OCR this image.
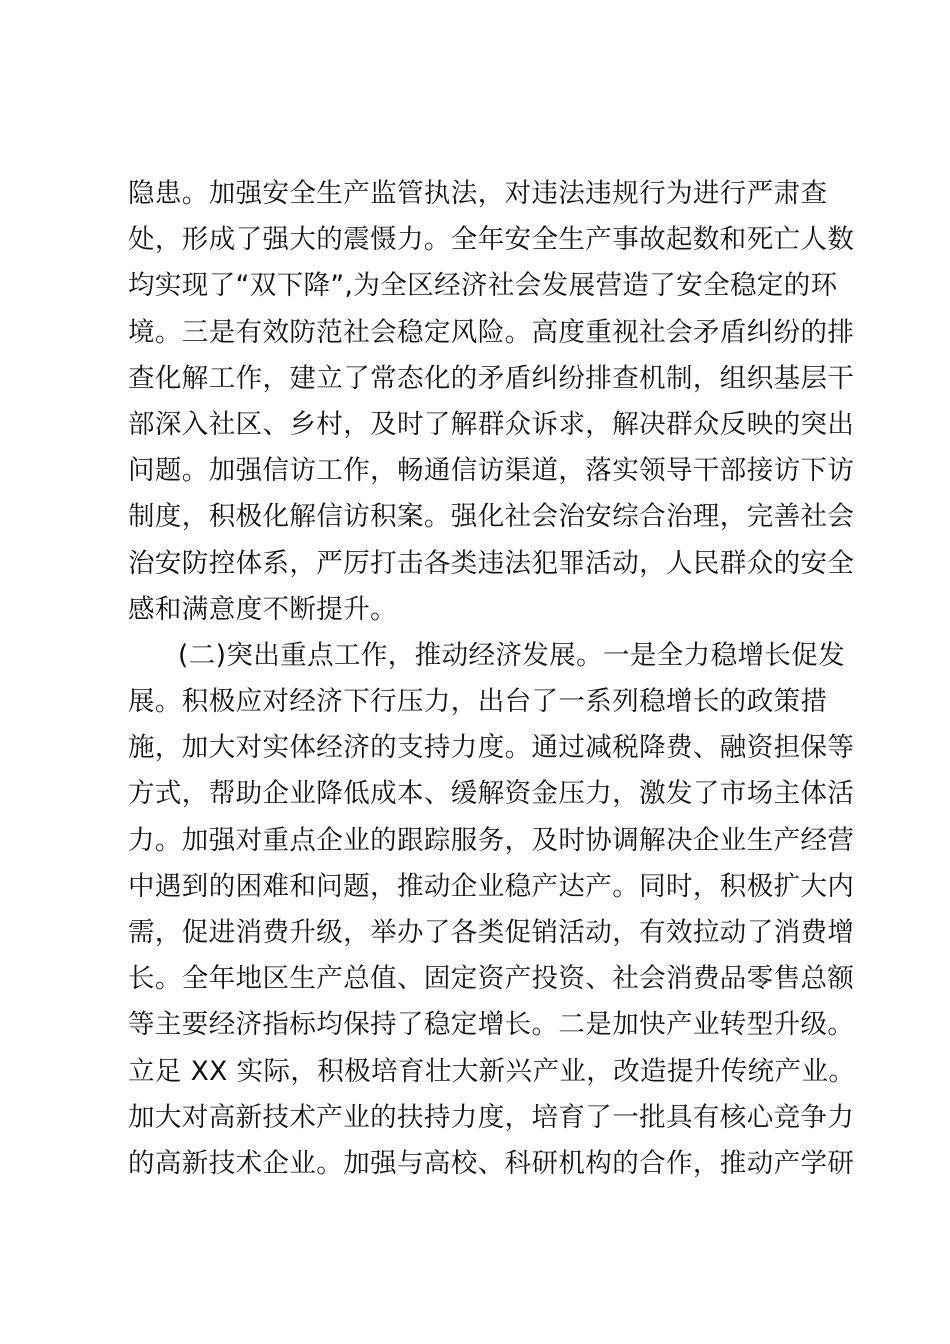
隐患。加强安全生产监管执法，对违法违规行为进行严肃查
处，形成了强大的震慑力。全年安全生产事故起数和死亡人数
均实现了“双下降”,为全区经济社会发展营造了安全稳定的环
境。三是有效防范社会稳定风险。高度重视社会矛盾纠纷的排
查化解工作，建立了常态化的矛盾纠纷排查机制，组织基层干
部深入社区、乡村，及时了解群众诉求，解决群众反映的突出
问题。加强信访工作，畅通信访渠道，落实领导干部接访下访
制度，积极化解信访积案。强化社会治安综合治理，完善社会
治安防控体系，严厉打击各类违法犯罪活动，人民群众的安全
感和满意度不断提升。
(二)突出重点工作，推动经济发展。一是全力稳增长促发
展。积极应对经济下行压力，出台了一系列稳增长的政策措
施，加大对实体经济的支持力度。通过减税降费、融资担保等
方式，帮助企业降低成本、缓解资金压力，激发了市场主体活
力。加强对重点企业的跟踪服务，及时协调解决企业生产经营
中遇到的困难和问题，推动企业稳产达产。同时，积极扩大内
需，促进消费升级，举办了各类促销活动，有效拉动了消费增
长。全年地区生产总值、固定资产投资、社会消费品零售总额
等主要经济指标均保持了稳定增长。二是加快产业转型升级。
立足 XX 实际，积极培育壮大新兴产业，改造提升传统产业。
加大对高新技术产业的扶持力度，培育了一批具有核心竞争力
的高新技术企业。加强与高校、科研机构的合作，推动产学研
